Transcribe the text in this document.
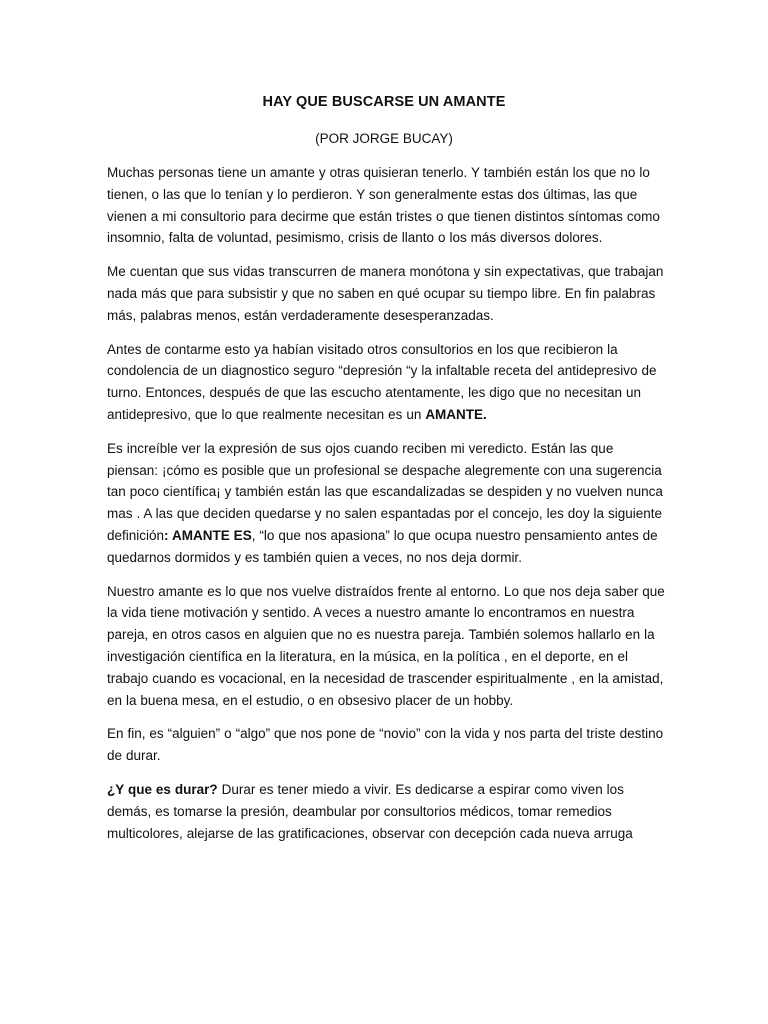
HAY QUE BUSCARSE UN AMANTE
(POR JORGE BUCAY)

Muchas personas tiene un amante y otras quisieran tenerlo. Y también están los que no lo tienen, o las que lo tenían y lo perdieron. Y son generalmente estas dos últimas, las que vienen a mi consultorio para decirme que están tristes o que tienen distintos síntomas como insomnio, falta de voluntad, pesimismo, crisis de llanto o los más diversos dolores.

Me cuentan que sus vidas transcurren de manera monótona y sin expectativas, que trabajan nada más que para subsistir y que no saben en qué ocupar su tiempo libre. En fin palabras más, palabras menos, están verdaderamente desesperanzadas.

Antes de contarme esto ya habían visitado otros consultorios en los que recibieron la condolencia de un diagnostico seguro “depresión “y la infaltable receta del antidepresivo de turno. Entonces, después de que las escucho atentamente, les digo que no necesitan un antidepresivo, que lo que realmente necesitan es un AMANTE.

Es increíble ver la expresión de sus ojos cuando reciben mi veredicto. Están las que piensan: ¡cómo es posible que un profesional se despache alegremente con una sugerencia tan poco científica¡ y también están las que escandalizadas se despiden y no vuelven nunca mas . A las que deciden quedarse y no salen espantadas por el concejo, les doy la siguiente definición: AMANTE ES, “lo que nos apasiona” lo que ocupa nuestro pensamiento antes de quedarnos dormidos y es también quien a veces, no nos deja dormir.

Nuestro amante es lo que nos vuelve distraídos frente al entorno. Lo que nos deja saber que la vida tiene motivación y sentido. A veces a nuestro amante lo encontramos en nuestra pareja, en otros casos en alguien que no es nuestra pareja. También solemos hallarlo en la investigación científica en la literatura, en la música, en la política , en el deporte, en el trabajo cuando es vocacional, en la necesidad de trascender espiritualmente , en la amistad, en la buena mesa, en el estudio, o en obsesivo placer de un hobby.

En fin, es “alguien” o “algo” que nos pone de “novio” con la vida y nos parta del triste destino de durar.

¿Y que es durar? Durar es tener miedo a vivir. Es dedicarse a espirar como viven los demás, es tomarse la presión, deambular por consultorios médicos, tomar remedios multicolores, alejarse de las gratificaciones, observar con decepción cada nueva arruga
